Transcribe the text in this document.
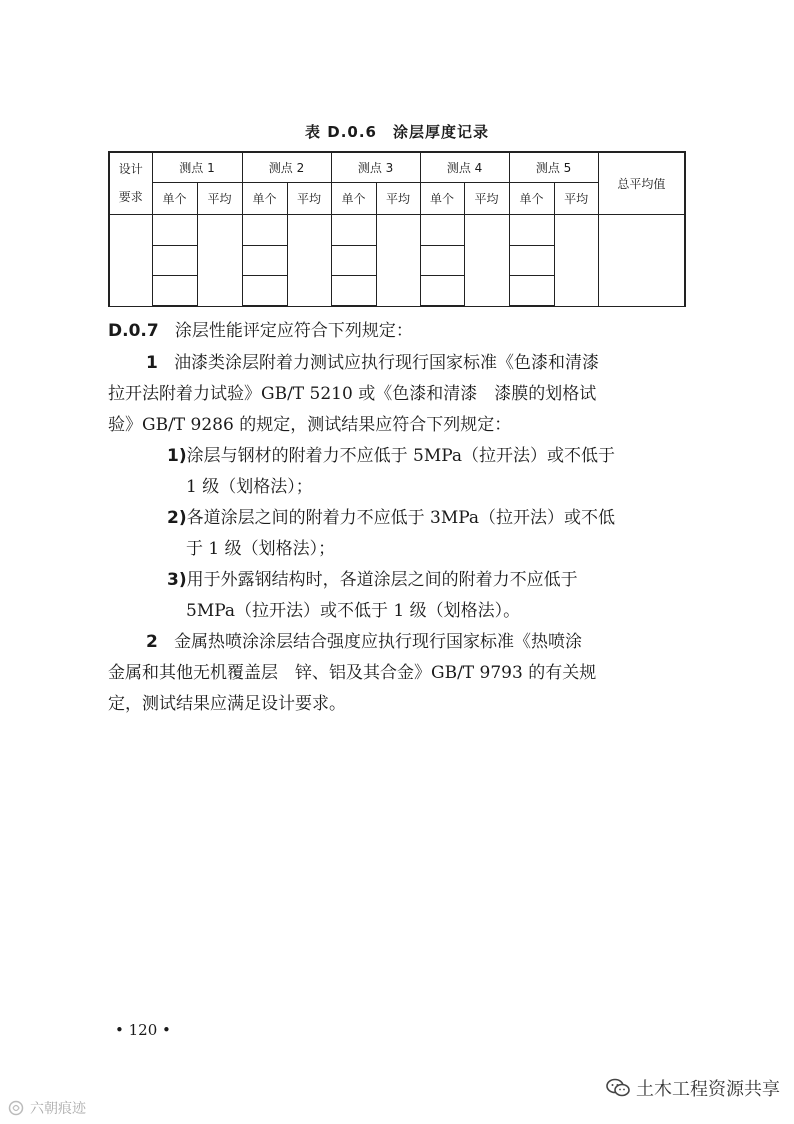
表 D.0.6　涂层厚度记录
设计
要求	测点 1		测点 2		测点 3		测点 4		测点 5		总平均值
	单个	平均	单个	平均	单个	平均	单个	平均	单个	平均	

D.0.7 涂层性能评定应符合下列规定：
1 油漆类涂层附着力测试应执行现行国家标准《色漆和清漆
拉开法附着力试验》GB/T 5210 或《色漆和清漆　漆膜的划格试
验》GB/T 9286 的规定，测试结果应符合下列规定：
1)涂层与钢材的附着力不应低于 5MPa（拉开法）或不低于
1 级（划格法）；
2)各道涂层之间的附着力不应低于 3MPa（拉开法）或不低
于 1 级（划格法）；
3)用于外露钢结构时，各道涂层之间的附着力不应低于
5MPa（拉开法）或不低于 1 级（划格法）。
2 金属热喷涂涂层结合强度应执行现行国家标准《热喷涂
金属和其他无机覆盖层　锌、铝及其合金》GB/T 9793 的有关规
定，测试结果应满足设计要求。
• 120 •
土木工程资源共享
六朝痕迹
